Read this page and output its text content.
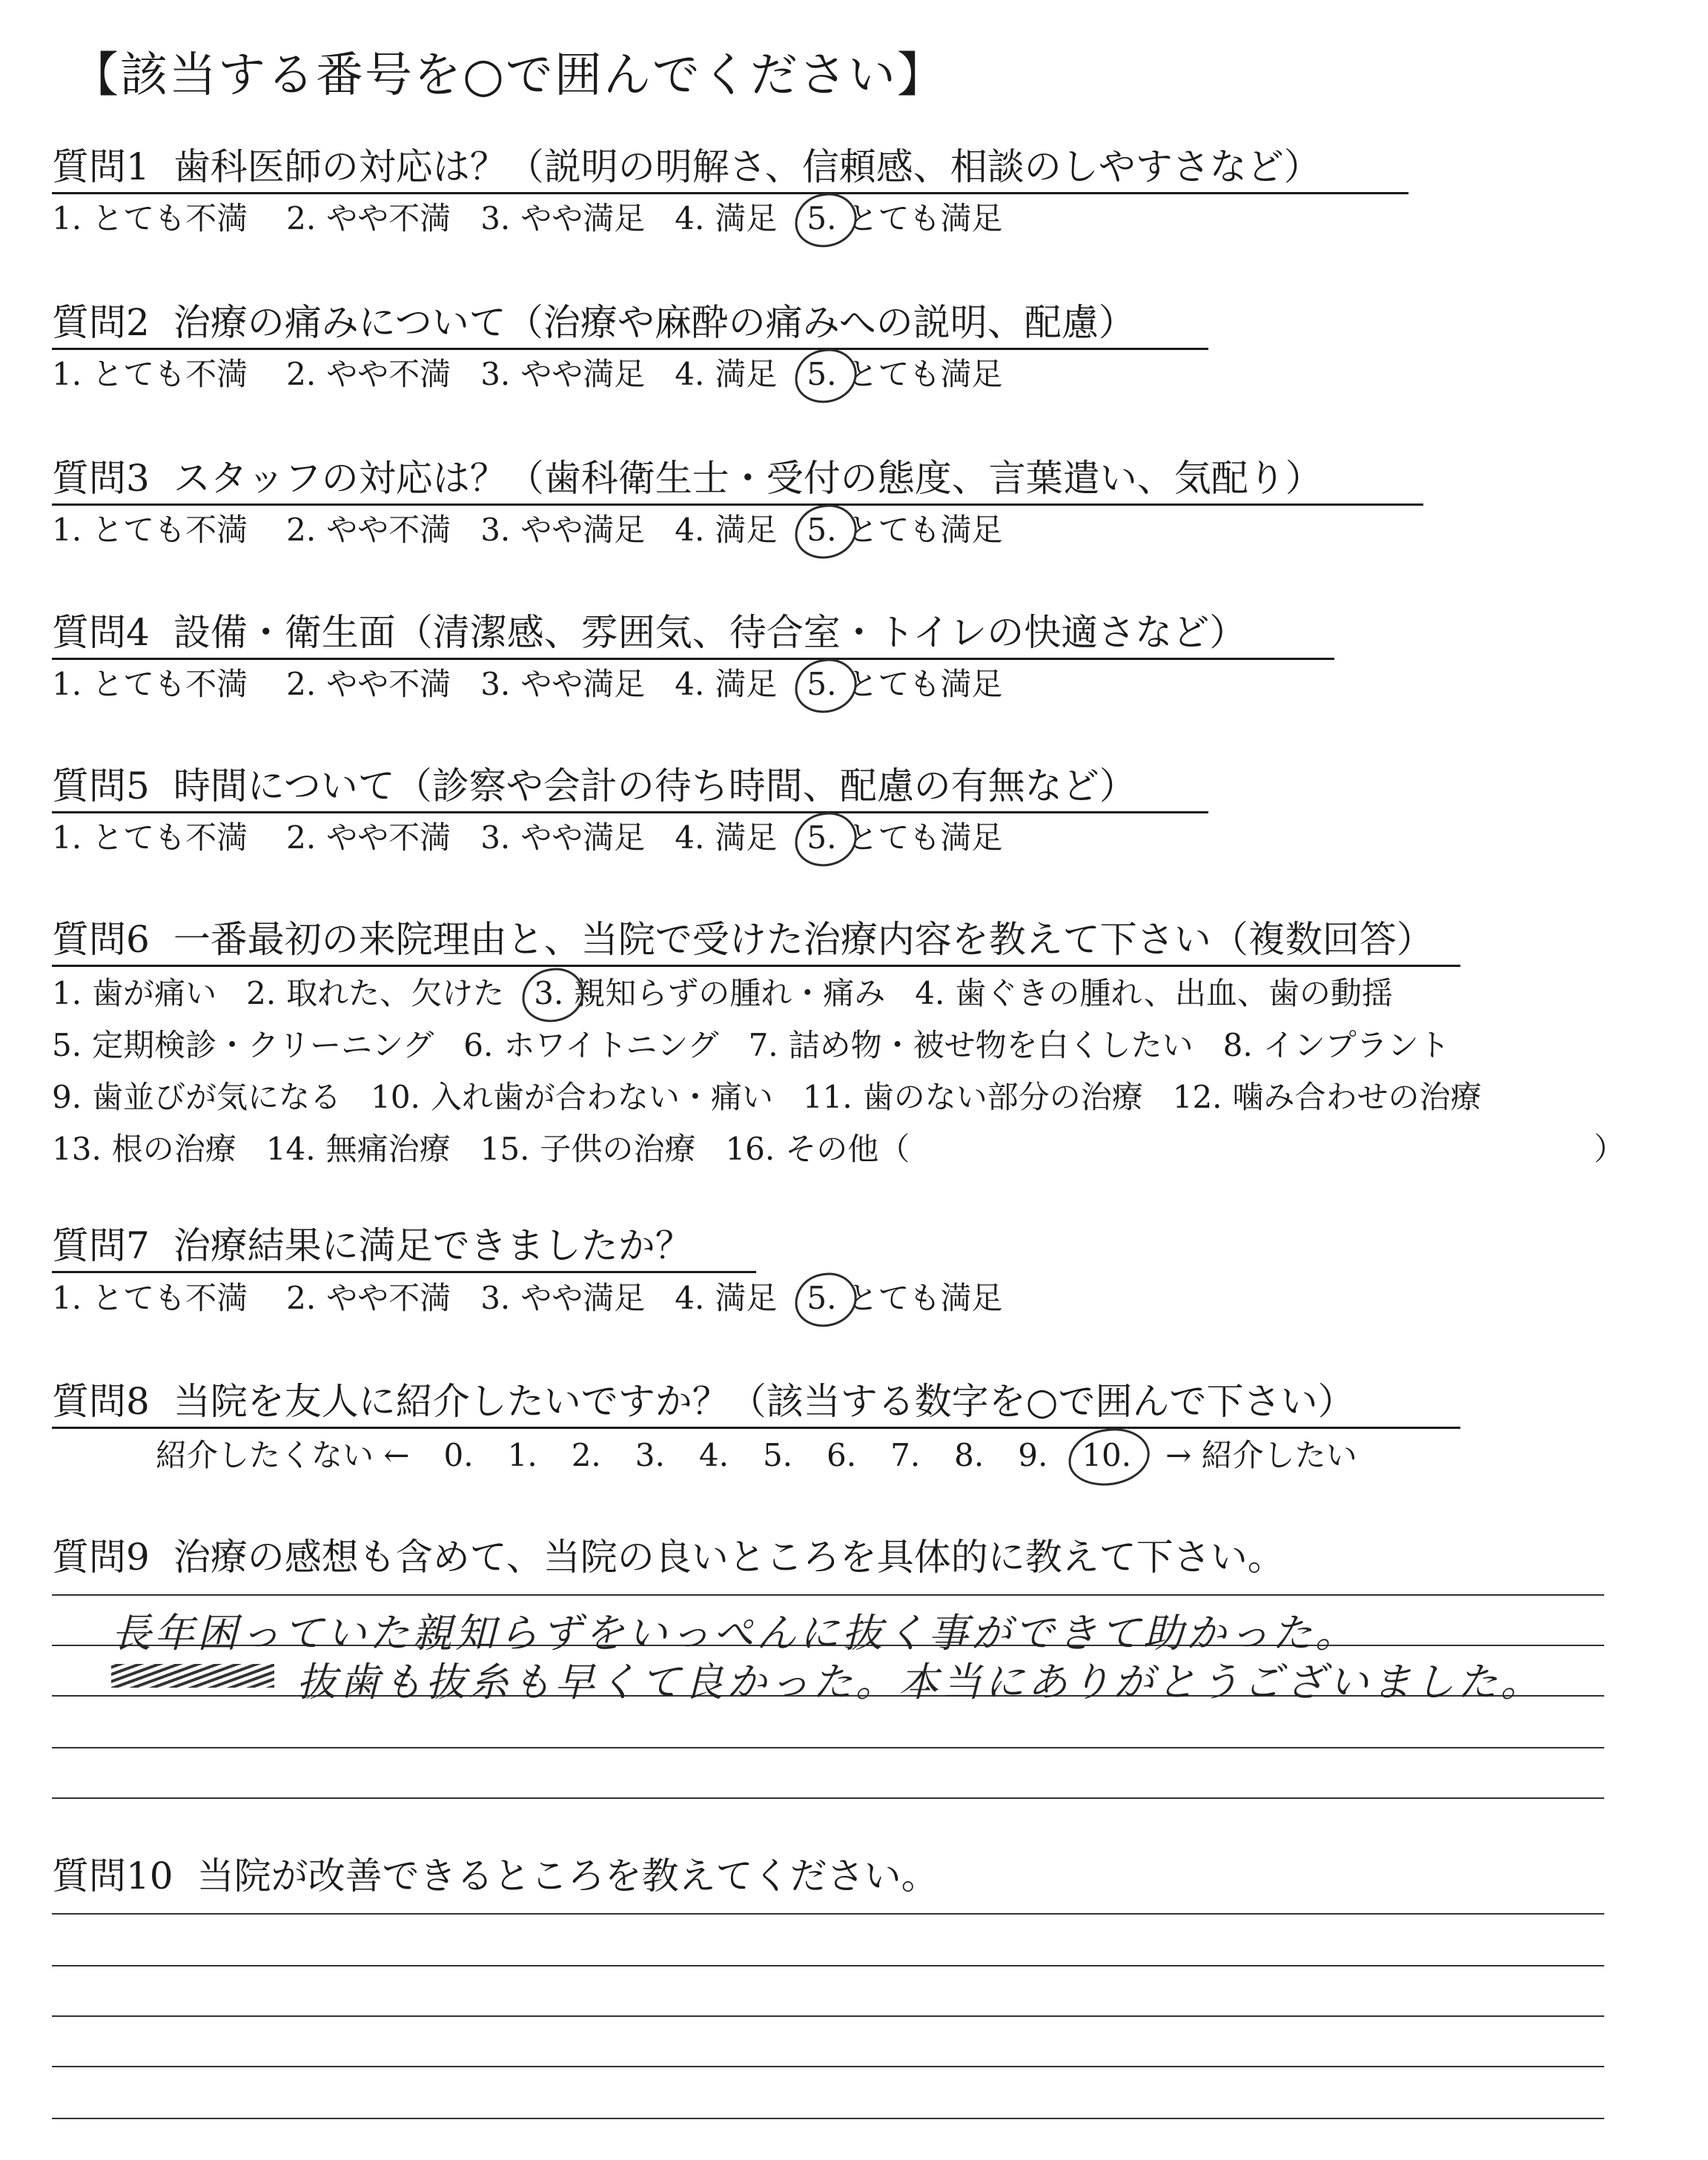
【該当する番号を○で囲んでください】
質問1 歯科医師の対応は？（説明の明解さ、信頼感、相談のしやすさなど）
1. とても不満 2. やや不満 3. やや満足 4. 満足 5. とても満足
質問2 治療の痛みについて（治療や麻酔の痛みへの説明、配慮）
1. とても不満 2. やや不満 3. やや満足 4. 満足 5. とても満足
質問3 スタッフの対応は？（歯科衛生士・受付の態度、言葉遣い、気配り）
1. とても不満 2. やや不満 3. やや満足 4. 満足 5. とても満足
質問4 設備・衛生面（清潔感、雰囲気、待合室・トイレの快適さなど）
1. とても不満 2. やや不満 3. やや満足 4. 満足 5. とても満足
質問5 時間について（診察や会計の待ち時間、配慮の有無など）
1. とても不満 2. やや不満 3. やや満足 4. 満足 5. とても満足
質問6 一番最初の来院理由と、当院で受けた治療内容を教えて下さい（複数回答）
1. 歯が痛い 2. 取れた、欠けた 3. 親知らずの腫れ・痛み 4. 歯ぐきの腫れ、出血、歯の動揺
5. 定期検診・クリーニング 6. ホワイトニング 7. 詰め物・被せ物を白くしたい 8. インプラント
9. 歯並びが気になる 10. 入れ歯が合わない・痛い 11. 歯のない部分の治療 12. 噛み合わせの治療
13. 根の治療 14. 無痛治療 15. 子供の治療 16. その他（	）
質問7 治療結果に満足できましたか？
1. とても不満 2. やや不満 3. やや満足 4. 満足 5. とても満足
質問8 当院を友人に紹介したいですか？（該当する数字を○で囲んで下さい）
紹介したくない ← 0. 1. 2. 3. 4. 5. 6. 7. 8. 9. 10. → 紹介したい
質問9 治療の感想も含めて、当院の良いところを具体的に教えて下さい。
長年困っていた親知らずをいっぺんに抜く事ができて助かった。
抜歯も抜糸も早くて良かった。本当にありがとうございました。
質問10 当院が改善できるところを教えてください。
